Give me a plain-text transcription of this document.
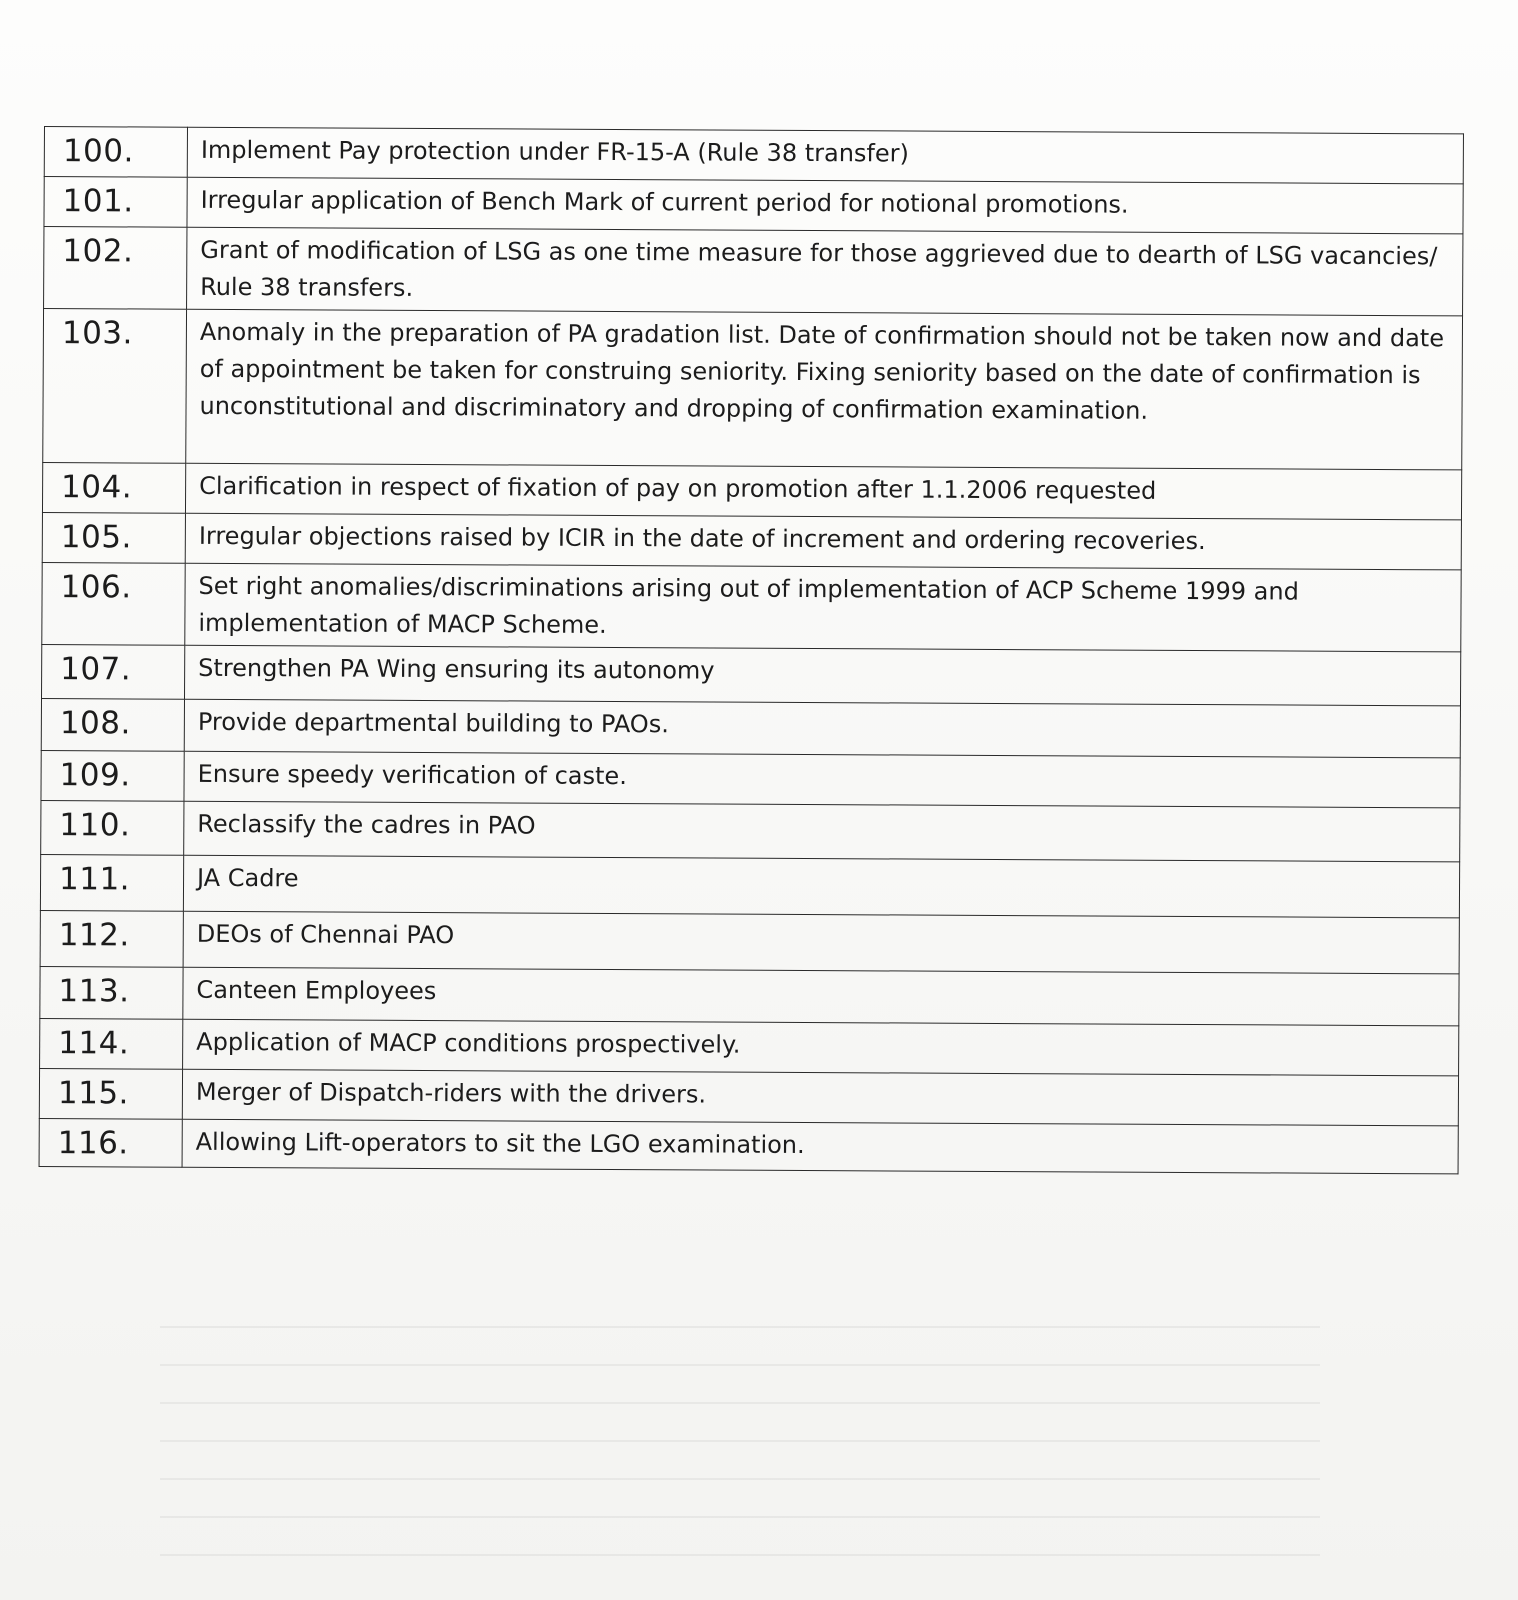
100.	Implement Pay protection under FR-15-A (Rule 38 transfer)
101.	Irregular application of Bench Mark of current period for notional promotions.
102.	Grant of modification of LSG as one time measure for those aggrieved due to dearth of LSG vacancies/ Rule 38 transfers.
103.	Anomaly in the preparation of PA gradation list. Date of confirmation should not be taken now and date of appointment be taken for construing seniority. Fixing seniority based on the date of confirmation is unconstitutional and discriminatory and dropping of confirmation examination.
104.	Clarification in respect of fixation of pay on promotion after 1.1.2006 requested
105.	Irregular objections raised by ICIR in the date of increment and ordering recoveries.
106.	Set right anomalies/discriminations arising out of implementation of ACP Scheme 1999 and implementation of MACP Scheme.
107.	Strengthen PA Wing ensuring its autonomy
108.	Provide departmental building to PAOs.
109.	Ensure speedy verification of caste.
110.	Reclassify the cadres in PAO
111.	JA Cadre
112.	DEOs of Chennai PAO
113.	Canteen Employees
114.	Application of MACP conditions prospectively.
115.	Merger of Dispatch-riders with the drivers.
116.	Allowing Lift-operators to sit the LGO examination.
